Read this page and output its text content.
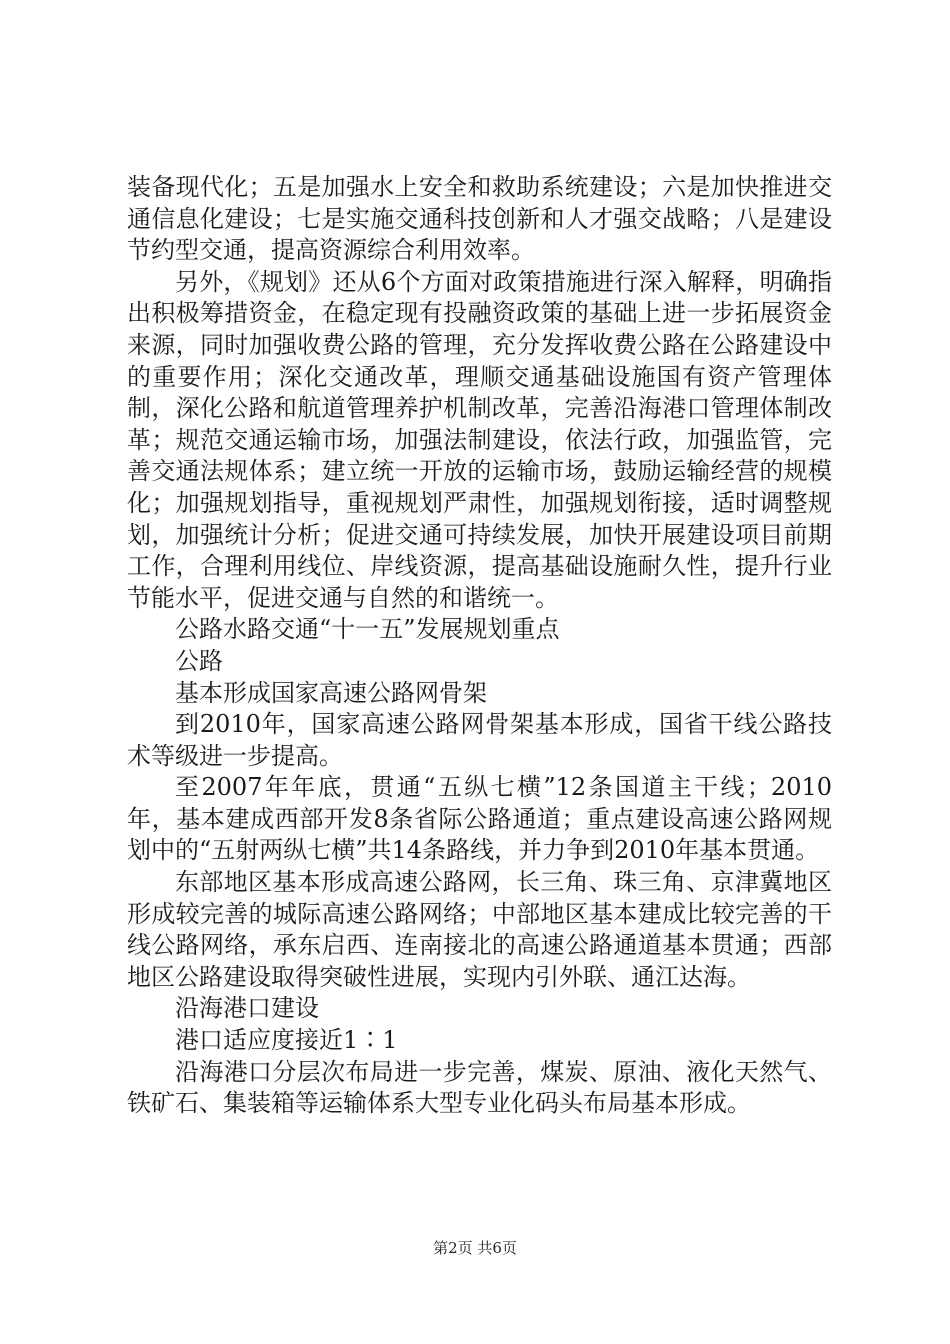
装备现代化；五是加强水上安全和救助系统建设；六是加快推进交通信息化建设；七是实施交通科技创新和人才强交战略；八是建设节约型交通，提高资源综合利用效率。

另外，《规划》还从6个方面对政策措施进行深入解释，明确指出积极筹措资金，在稳定现有投融资政策的基础上进一步拓展资金来源，同时加强收费公路的管理，充分发挥收费公路在公路建设中的重要作用；深化交通改革，理顺交通基础设施国有资产管理体制，深化公路和航道管理养护机制改革，完善沿海港口管理体制改革；规范交通运输市场，加强法制建设，依法行政，加强监管，完善交通法规体系；建立统一开放的运输市场，鼓励运输经营的规模化；加强规划指导，重视规划严肃性，加强规划衔接，适时调整规划，加强统计分析；促进交通可持续发展，加快开展建设项目前期工作，合理利用线位、岸线资源，提高基础设施耐久性，提升行业节能水平，促进交通与自然的和谐统一。

公路水路交通“十一五”发展规划重点

公路

基本形成国家高速公路网骨架

到2010年，国家高速公路网骨架基本形成，国省干线公路技术等级进一步提高。

至2007年年底，贯通“五纵七横”12条国道主干线；2010年，基本建成西部开发8条省际公路通道；重点建设高速公路网规划中的“五射两纵七横”共14条路线，并力争到2010年基本贯通。

东部地区基本形成高速公路网，长三角、珠三角、京津冀地区形成较完善的城际高速公路网络；中部地区基本建成比较完善的干线公路网络，承东启西、连南接北的高速公路通道基本贯通；西部地区公路建设取得突破性进展，实现内引外联、通江达海。

沿海港口建设

港口适应度接近1∶1

沿海港口分层次布局进一步完善，煤炭、原油、液化天然气、铁矿石、集装箱等运输体系大型专业化码头布局基本形成。

第2页 共6页
